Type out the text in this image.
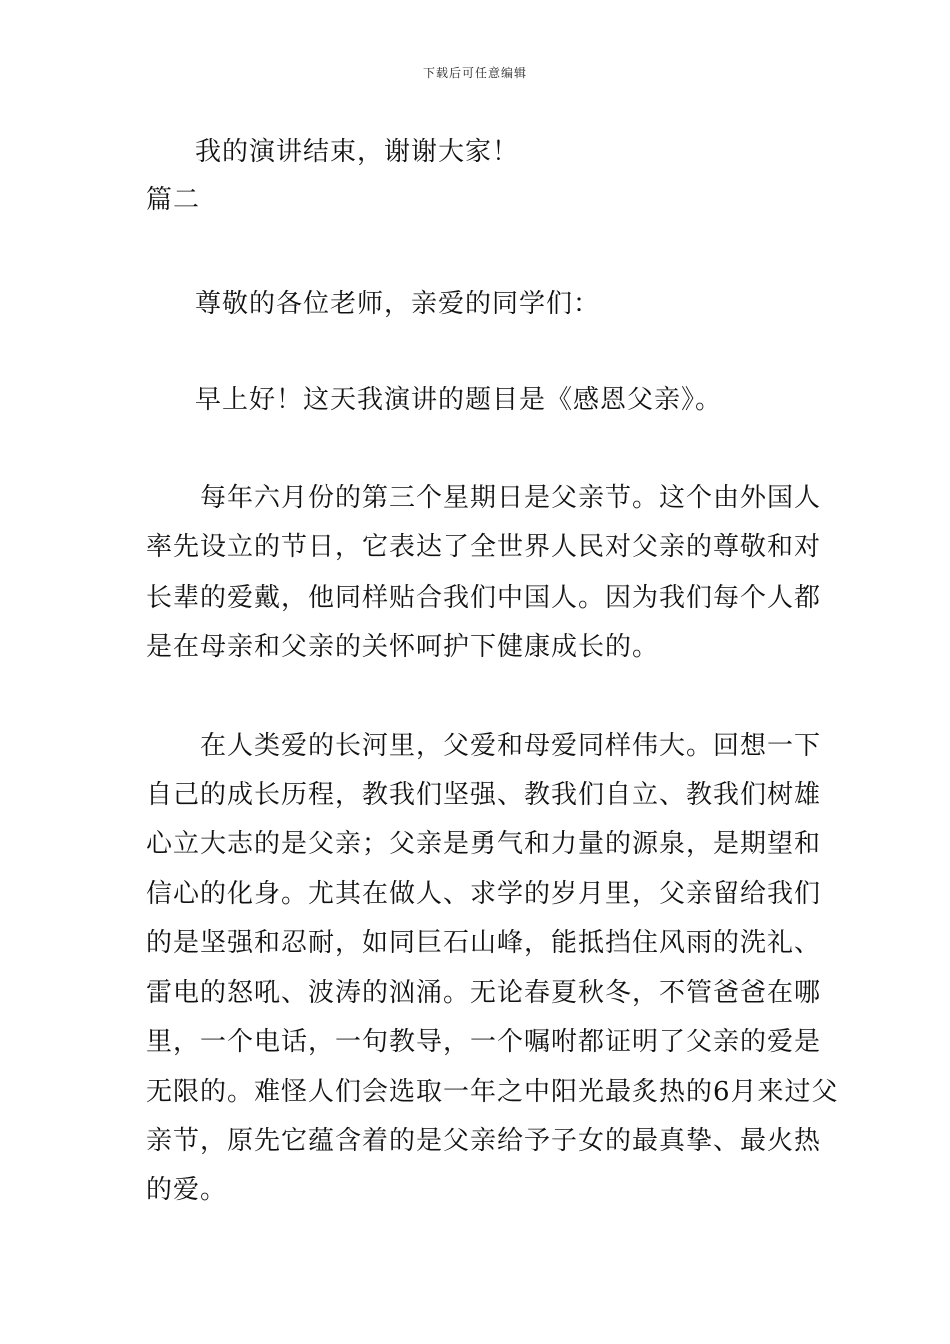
下载后可任意编辑
我的演讲结束，谢谢大家！
篇二
尊敬的各位老师，亲爱的同学们：
早上好！这天我演讲的题目是《感恩父亲》。
每年六月份的第三个星期日是父亲节。这个由外国人
率先设立的节日，它表达了全世界人民对父亲的尊敬和对
长辈的爱戴，他同样贴合我们中国人。因为我们每个人都
是在母亲和父亲的关怀呵护下健康成长的。
在人类爱的长河里，父爱和母爱同样伟大。回想一下
自己的成长历程，教我们坚强、教我们自立、教我们树雄
心立大志的是父亲；父亲是勇气和力量的源泉，是期望和
信心的化身。尤其在做人、求学的岁月里，父亲留给我们
的是坚强和忍耐，如同巨石山峰，能抵挡住风雨的洗礼、
雷电的怒吼、波涛的汹涌。无论春夏秋冬，不管爸爸在哪
里，一个电话，一句教导，一个嘱咐都证明了父亲的爱是
无限的。难怪人们会选取一年之中阳光最炙热的6月来过父
亲节，原先它蕴含着的是父亲给予子女的最真挚、最火热
的爱。
